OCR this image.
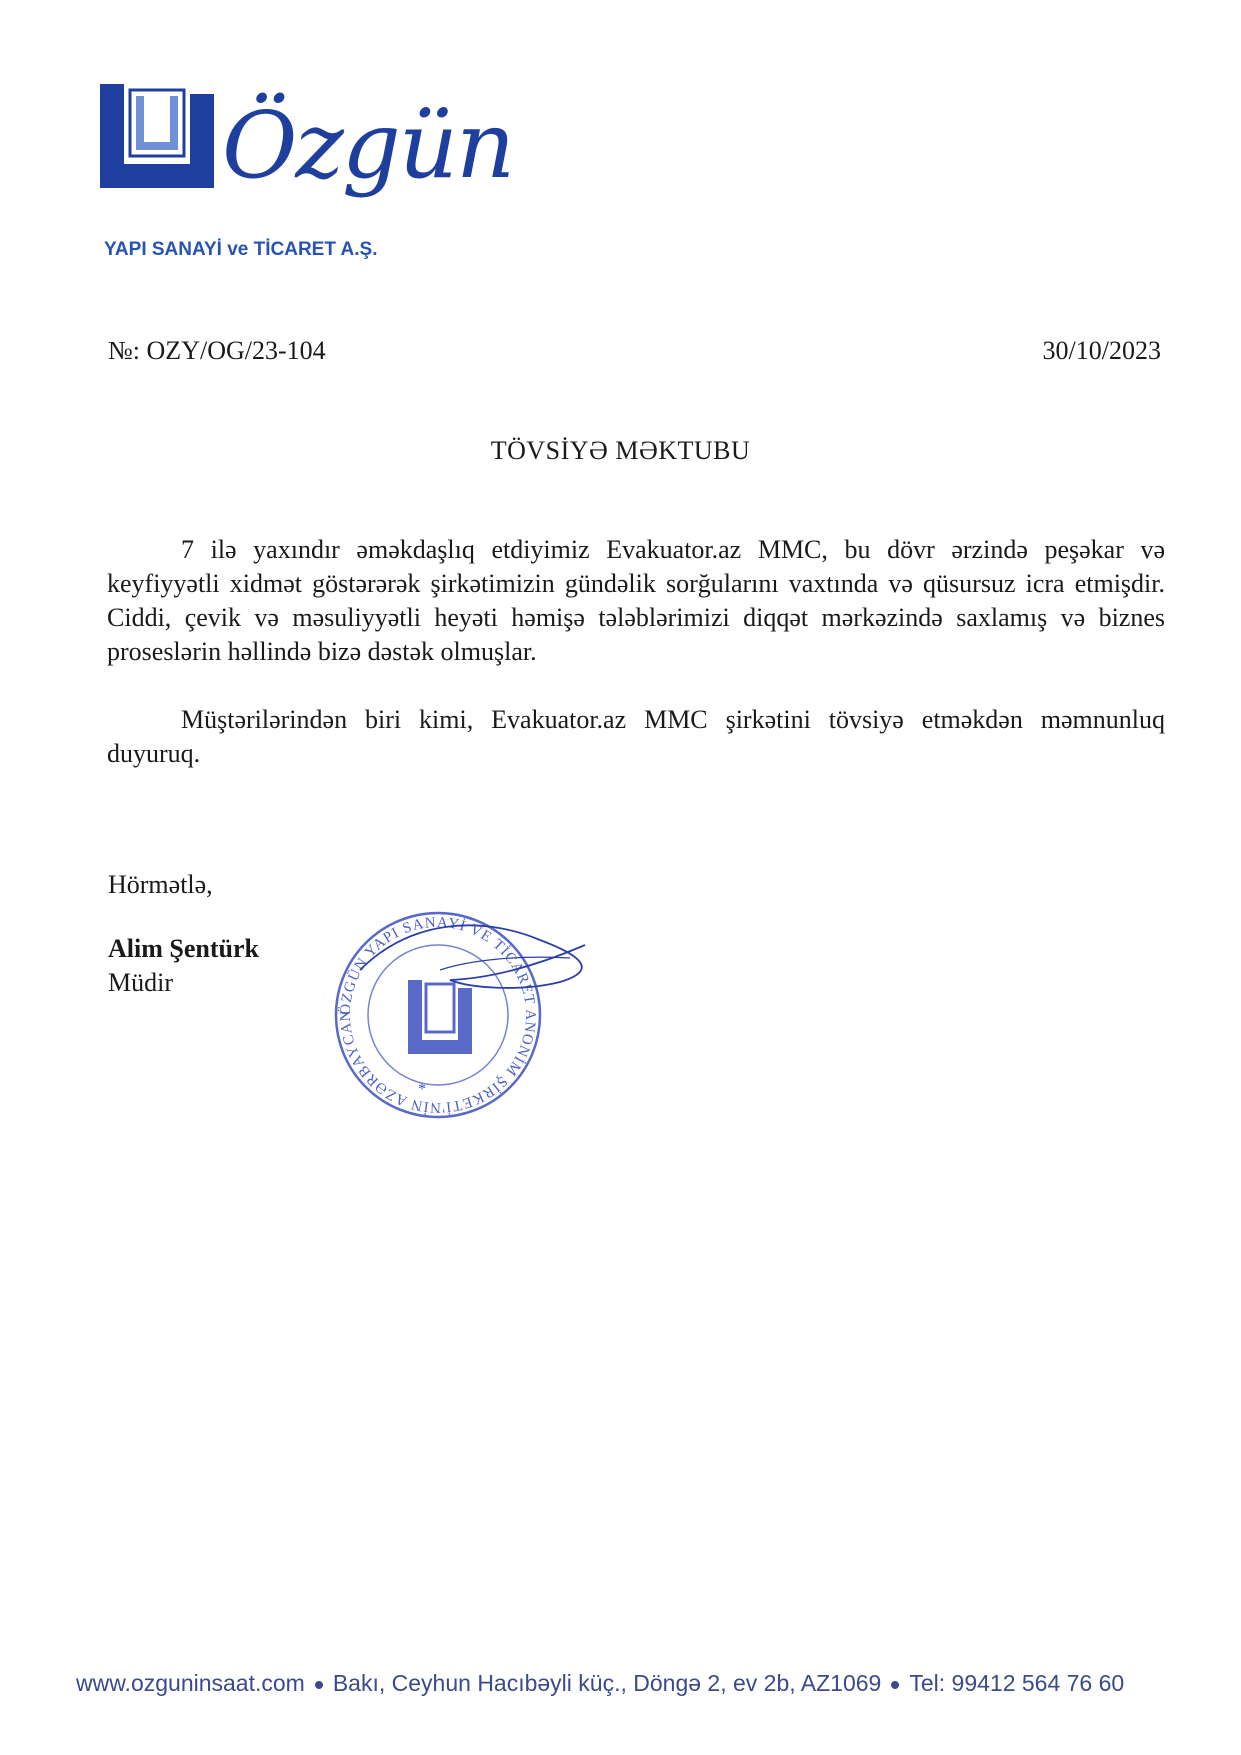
Özgün
YAPI SANAYİ ve TİCARET A.Ş.
№: OZY/OG/23-104	30/10/2023
TÖVSİYƏ MƏKTUBU

7 ilə yaxındır əməkdaşlıq etdiyimiz Evakuator.az MMC, bu dövr ərzində peşəkar və keyfiyyətli xidmət göstərərək şirkətimizin gündəlik sorğularını vaxtında və qüsursuz icra etmişdir. Ciddi, çevik və məsuliyyətli heyəti həmişə tələblərimizi diqqət mərkəzində saxlamış və biznes proseslərin həllində bizə dəstək olmuşlar.

Müştərilərindən biri kimi, Evakuator.az MMC şirkətini tövsiyə etməkdən məmnunluq duyuruq.

Hörmətlə,
Alim Şentürk
Müdir
ÖZGÜN YAPI SANAYİ VE TİCARET ANONİM ŞİRKETİ'NİN AZƏRBAYCAN
*
www.ozguninsaat.com Bakı, Ceyhun Hacıbəyli küç., Döngə 2, ev 2b, AZ1069 Tel: 99412 564 76 60
